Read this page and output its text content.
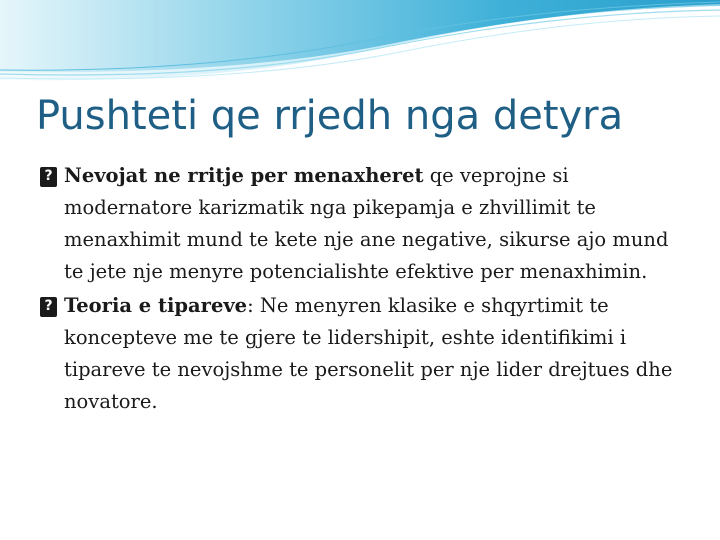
Pushteti qe rrjedh nga detyra

?
Nevojat ne rritje per menaxheret qe veprojne si modernatore karizmatik nga pikepamja e zhvillimit te menaxhimit mund te kete nje ane negative, sikurse ajo mund te jete nje menyre potencialishte efektive per menaxhimin.

?
Teoria e tipareve: Ne menyren klasike e shqyrtimit te koncepteve me te gjere te lidershipit, eshte identifikimi i tipareve te nevojshme te personelit per nje lider drejtues dhe novatore.
